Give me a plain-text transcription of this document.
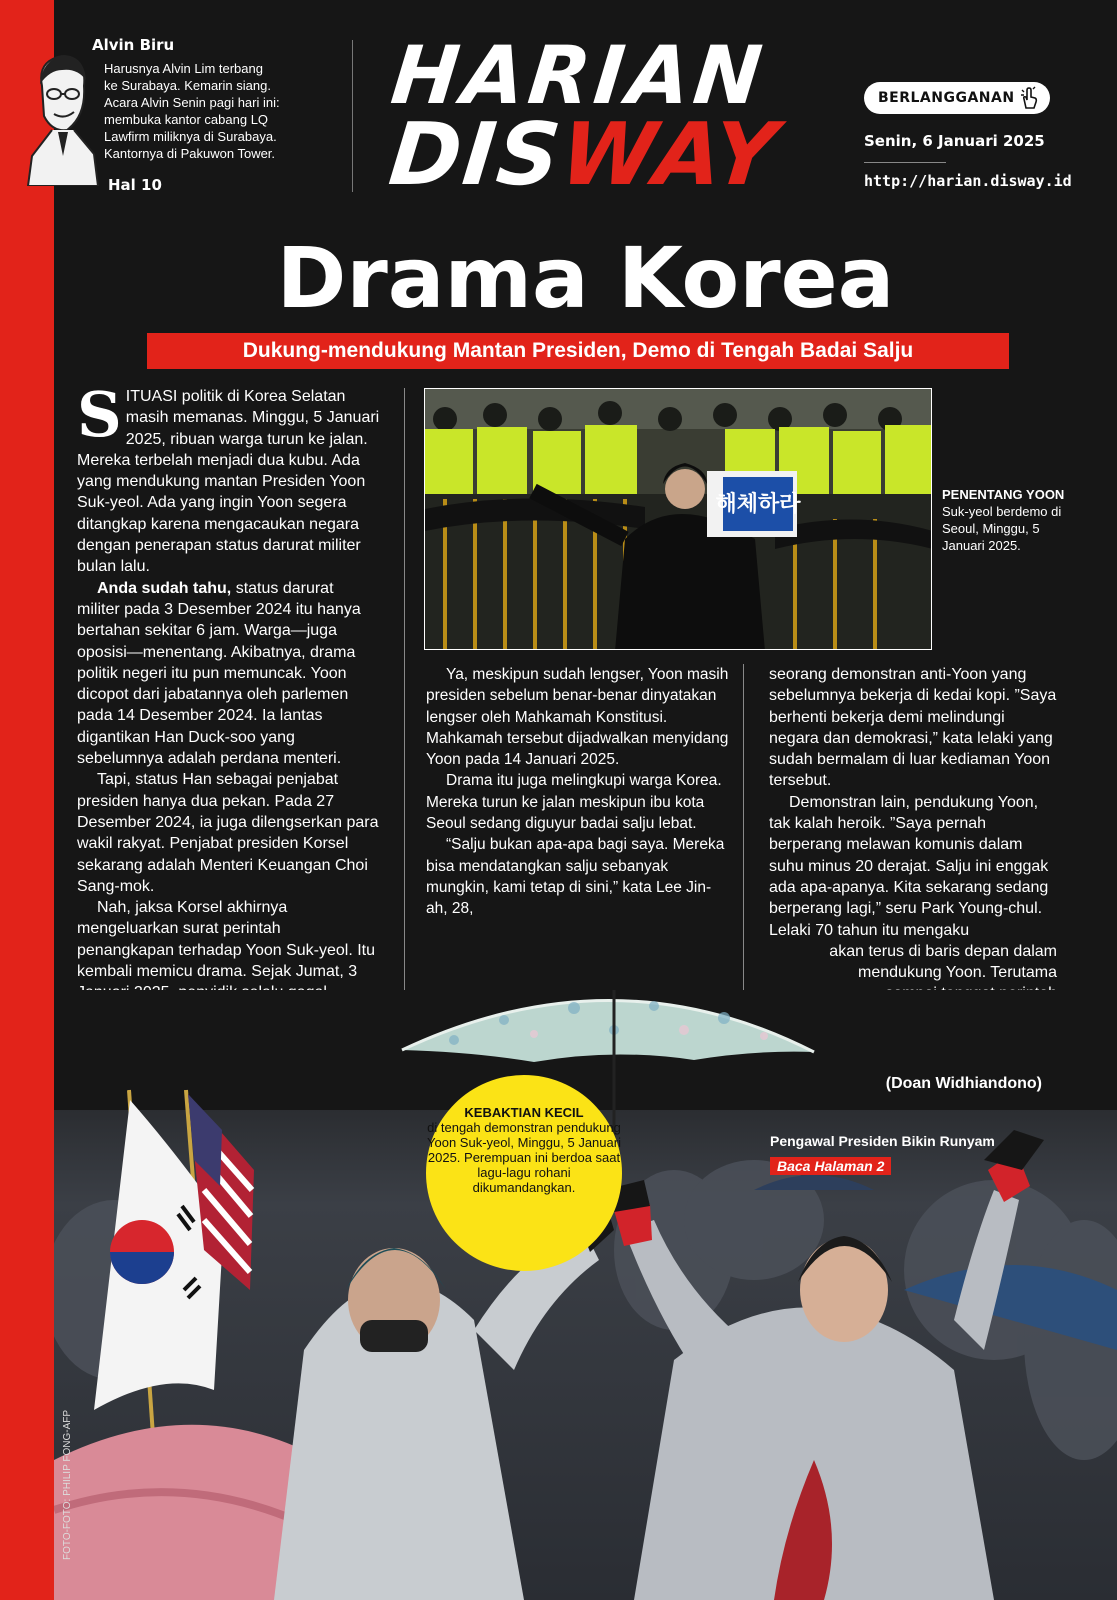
Alvin Biru

Harusnya Alvin Lim terbang

ke Surabaya. Kemarin siang.

Acara Alvin Senin pagi hari ini:

membuka kantor cabang LQ

Lawfirm miliknya di Surabaya.

Kantornya di Pakuwon Tower.

Hal 10
HARIAN
DISWAY
BERLANGGANAN
Senin, 6 Januari 2025
http://harian.disway.id
Drama Korea
Dukung-mendukung Mantan Presiden, Demo di Tengah Badai Salju
S ITUASI politik di Korea Selatan masih memanas. Minggu, 5 Januari 2025, ribuan warga turun ke jalan. Mereka terbelah menjadi dua kubu. Ada yang mendukung mantan Presiden Yoon Suk-yeol. Ada yang ingin Yoon segera ditangkap karena mengacaukan negara dengan penerapan status darurat militer bulan lalu.

Anda sudah tahu, status darurat militer pada 3 Desember 2024 itu hanya bertahan sekitar 6 jam. Warga—juga oposisi—menentang. Akibatnya, drama politik negeri itu pun memuncak. Yoon dicopot dari jabatannya oleh parlemen pada 14 Desember 2024. Ia lantas digantikan Han Duck-soo yang sebelumnya adalah perdana menteri.

Tapi, status Han sebagai penjabat presiden hanya dua pekan. Pada 27 Desember 2024, ia juga dilengserkan para wakil rakyat. Penjabat presiden Korsel sekarang adalah Menteri Keuangan Choi Sang-mok.

Nah, jaksa Korsel akhirnya mengeluarkan surat perintah penangkapan terhadap Yoon Suk-yeol. Itu kembali memicu drama. Sejak Jumat, 3

해체하라	PENENTANG YOON Suk-yeol berdemo di Seoul, Minggu, 5 Januari 2025.

Ya, meskipun sudah lengser, Yoon masih presiden sebelum benar-benar dinyatakan lengser oleh Mahkamah Konstitusi. Mahkamah tersebut dijadwalkan menyidang Yoon pada 14 Januari 2025.

Drama itu juga melingkupi warga Korea. Mereka turun ke jalan meskipun ibu kota Seoul sedang diguyur badai salju lebat.

“Salju bukan apa-apa bagi saya. Mereka bisa mendatangkan salju sebanyak mungkin, kami tetap di sini,” kata Lee Jin-ah, 28,

seorang demonstran anti-Yoon yang sebelumnya bekerja di kedai kopi. ”Saya berhenti bekerja demi melindungi negara dan demokrasi,” kata lelaki yang sudah bermalam di luar kediaman Yoon tersebut.

Demonstran lain, pendukung Yoon, tak kalah heroik. ”Saya pernah berperang melawan komunis dalam suhu minus 20 derajat. Salju ini enggak ada apa-apanya. Kita sekarang sedang berperang lagi,” seru Park Young-chul. Lelaki 70 tahun itu mengaku

akan terus di baris depan dalam mendukung Yoon. Terutama

KEBAKTIAN KECIL
di tengah demonstran pendukung Yoon Suk-yeol, Minggu, 5 Januari 2025. Perempuan ini berdoa saat lagu-lagu rohani dikumandangkan.
Pengawal Presiden Bikin Runyam
Baca Halaman 2
FOTO-FOTO: PHILIP FONG-AFP
(Doan Widhiandono)
